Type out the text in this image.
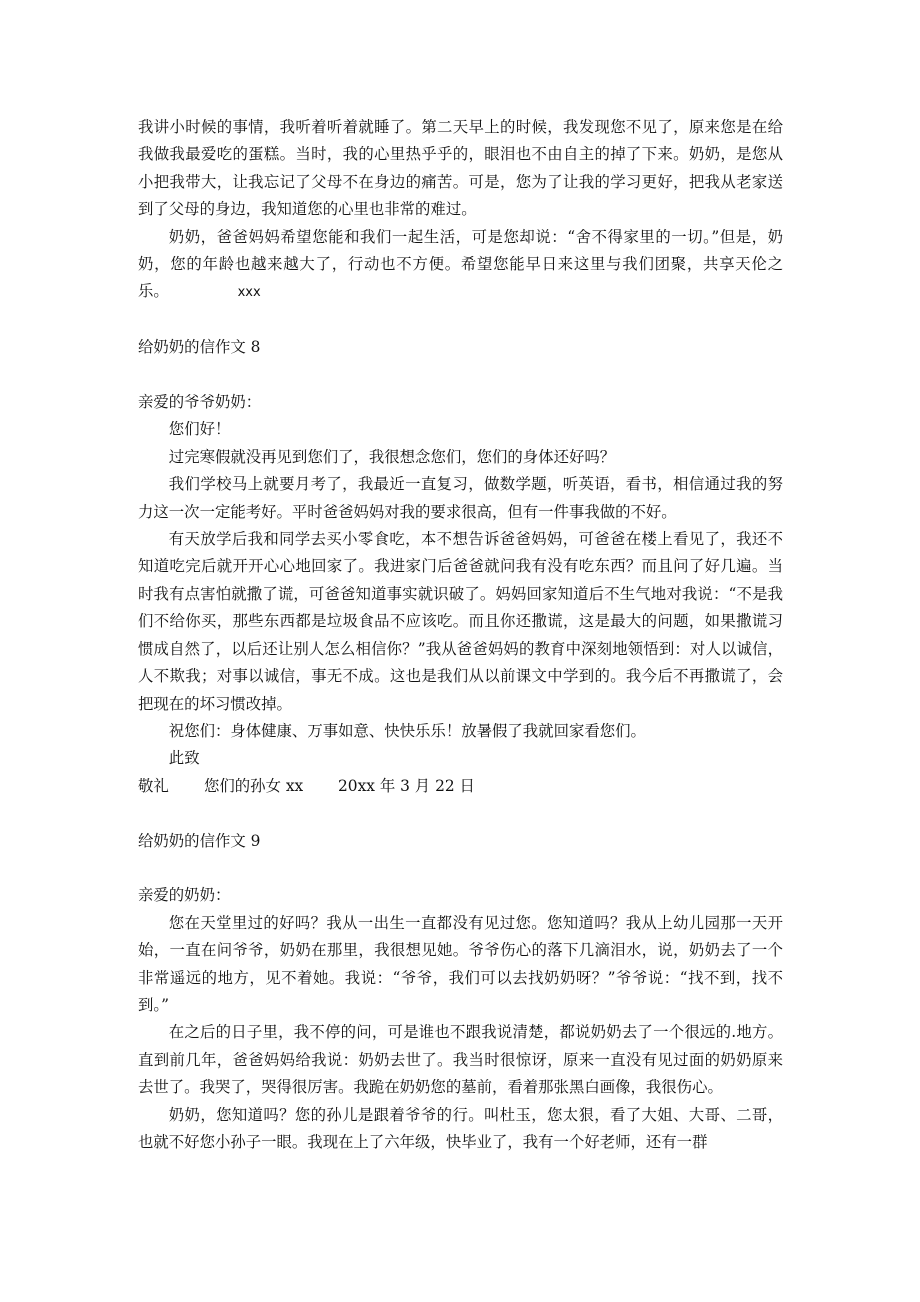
我讲小时候的事情，我听着听着就睡了。第二天早上的时候，我发现您不见了，原来您是在给我做我最爱吃的蛋糕。当时，我的心里热乎乎的，眼泪也不由自主的掉了下来。奶奶，是您从小把我带大，让我忘记了父母不在身边的痛苦。可是，您为了让我的学习更好，把我从老家送到了父母的身边，我知道您的心里也非常的难过。

奶奶，爸爸妈妈希望您能和我们一起生活，可是您却说：“舍不得家里的一切。”但是，奶奶，您的年龄也越来越大了，行动也不方便。希望您能早日来这里与我们团聚，共享天伦之乐。	xxx

给奶奶的信作文 8

亲爱的爷爷奶奶：

您们好！

过完寒假就没再见到您们了，我很想念您们，您们的身体还好吗？

我们学校马上就要月考了，我最近一直复习，做数学题，听英语，看书，相信通过我的努力这一次一定能考好。平时爸爸妈妈对我的要求很高，但有一件事我做的不好。

有天放学后我和同学去买小零食吃，本不想告诉爸爸妈妈，可爸爸在楼上看见了，我还不知道吃完后就开开心心地回家了。我进家门后爸爸就问我有没有吃东西？而且问了好几遍。当时我有点害怕就撒了谎，可爸爸知道事实就识破了。妈妈回家知道后不生气地对我说：“不是我们不给你买，那些东西都是垃圾食品不应该吃。而且你还撒谎，这是最大的问题，如果撒谎习惯成自然了，以后还让别人怎么相信你？”我从爸爸妈妈的教育中深刻地领悟到：对人以诚信，人不欺我；对事以诚信，事无不成。这也是我们从以前课文中学到的。我今后不再撒谎了，会把现在的坏习惯改掉。

祝您们：身体健康、万事如意、快快乐乐！放暑假了我就回家看您们。

此致

敬礼	您们的孙女 xx	20xx 年 3 月 22 日

给奶奶的信作文 9

亲爱的奶奶：

您在天堂里过的好吗？我从一出生一直都没有见过您。您知道吗？我从上幼儿园那一天开始，一直在问爷爷，奶奶在那里，我很想见她。爷爷伤心的落下几滴泪水，说，奶奶去了一个非常遥远的地方，见不着她。我说：“爷爷，我们可以去找奶奶呀？”爷爷说：“找不到，找不到。”

在之后的日子里，我不停的问，可是谁也不跟我说清楚，都说奶奶去了一个很远的.地方。直到前几年，爸爸妈妈给我说：奶奶去世了。我当时很惊讶，原来一直没有见过面的奶奶原来去世了。我哭了，哭得很厉害。我跪在奶奶您的墓前，看着那张黑白画像，我很伤心。

奶奶，您知道吗？您的孙儿是跟着爷爷的行。叫杜玉，您太狠，看了大姐、大哥、二哥，也就不好您小孙子一眼。我现在上了六年级，快毕业了，我有一个好老师，还有一群
